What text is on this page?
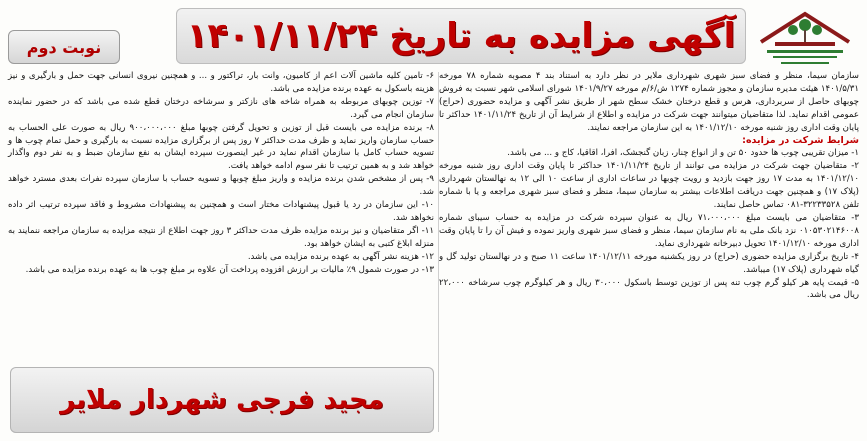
آگهی مزایده به تاریخ ۱۴۰۱/۱۱/۲۴
نوبت دوم

سازمان سیما، منظر و فضای سبز شهری شهرداری ملایر در نظر دارد به استناد بند ۴ مصوبه شماره ۷۸ مورخه ۱۴۰۱/۵/۳۱ هیئت مدیره سازمان و مجوز شماره ۱۲۷۴ ش/۶/م مورخه ۱۴۰۱/۹/۲۷ شورای اسلامی شهر نسبت به فروش چوبهای حاصل از سربرداری، هرس و قطع درختان خشک سطح شهر از طریق نشر آگهی و مزایده حضوری (حراج) عمومی اقدام نماید. لذا متقاضیان میتوانند جهت شرکت در مزایده و اطلاع از شرایط آن از تاریخ ۱۴۰۱/۱۱/۲۴ حداکثر تا پایان وقت اداری روز شنبه مورخه ۱۴۰۱/۱۲/۱۰ به این سازمان مراجعه نمایند.

شرایط شرکت در مزایده:

۱- میزان تقریبی چوب ها حدود ۵۰ تن و از انواع چنار، زبان گنجشک، افرا، اقاقیا، کاج و ... می باشد.

۲- متقاضیان جهت شرکت در مزایده می توانند از تاریخ ۱۴۰۱/۱۱/۲۴ حداکثر تا پایان وقت اداری روز شنبه مورخه ۱۴۰۱/۱۲/۱۰ به مدت ۱۷ روز جهت بازدید و رویت چوبها در ساعات اداری از ساعت ۱۰ الی ۱۲ به نهالستان شهرداری (پلاک ۱۷) و همچنین جهت دریافت اطلاعات بیشتر به سازمان سیما، منظر و فضای سبز شهری مراجعه و یا با شماره تلفن ۳۲۲۳۳۵۲۸-۰۸۱ تماس حاصل نمایند.

۳- متقاضیان می بایست مبلغ ۷۱،۰۰۰،۰۰۰ ریال به عنوان سپرده شرکت در مزایده به حساب سیبای شماره ۰۱۰۵۳۰۲۱۴۶۰۰۸ نزد بانک ملی به نام سازمان سیما، منظر و فضای سبز شهری واریز نموده و فیش آن را تا پایان وقت اداری مورخه ۱۴۰۱/۱۲/۱۰ تحویل دبیرخانه شهرداری نماید.

۴- تاریخ برگزاری مزایده حضوری (حراج) در روز یکشنبه مورخه ۱۴۰۱/۱۲/۱۱ ساعت ۱۱ صبح و در نهالستان تولید گل و گیاه شهرداری (پلاک ۱۷) میباشد.

۵- قیمت پایه هر کیلو گرم چوب تنه پس از توزین توسط باسکول ۳۰،۰۰۰ ریال و هر کیلوگرم چوب سرشاخه ۲۲،۰۰۰ ریال می باشد.

۶- تامین کلیه ماشین آلات اعم از کامیون، وانت بار، تراکتور و ... و همچنین نیروی انسانی جهت حمل و بارگیری و نیز هزینه باسکول به عهده برنده مزایده می باشد.

۷- توزین چوبهای مربوطه به همراه شاخه های نازکتر و سرشاخه درختان قطع شده می باشد که در حضور نماینده سازمان انجام می گیرد.

۸- برنده مزایده می بایست قبل از توزین و تحویل گرفتن چوبها مبلغ ۹۰۰،۰۰۰،۰۰۰ ریال به صورت علی الحساب به حساب سازمان واریز نماید و ظرف مدت حداکثر ۷ روز پس از برگزاری مزایده نسبت به بارگیری و حمل تمام چوب ها و تسویه حساب کامل با سازمان اقدام نماید در غیر اینصورت سپرده ایشان به نفع سازمان ضبط و به نفر دوم واگذار خواهد شد و به همین ترتیب تا نفر سوم ادامه خواهد یافت.

۹- پس از مشخص شدن برنده مزایده و واریز مبلغ چوبها و تسویه حساب با سازمان سپرده نفرات بعدی مسترد خواهد شد.

۱۰- این سازمان در رد یا قبول پیشنهادات مختار است و همچنین به پیشنهادات مشروط و فاقد سپرده ترتیب اثر داده نخواهد شد.

۱۱- اگر متقاضیان و نیز برنده مزایده ظرف مدت حداکثر ۳ روز جهت اطلاع از نتیجه مزایده به سازمان مراجعه ننمایند به منزله ابلاغ کتبی به ایشان خواهد بود.

۱۲- هزینه نشر آگهی به عهده برنده مزایده می باشد.

۱۳- در صورت شمول ۹٪ مالیات بر ارزش افزوده پرداخت آن علاوه بر مبلغ چوب ها به عهده برنده مزایده می باشد.

مجید فرجی شهردار ملایر
